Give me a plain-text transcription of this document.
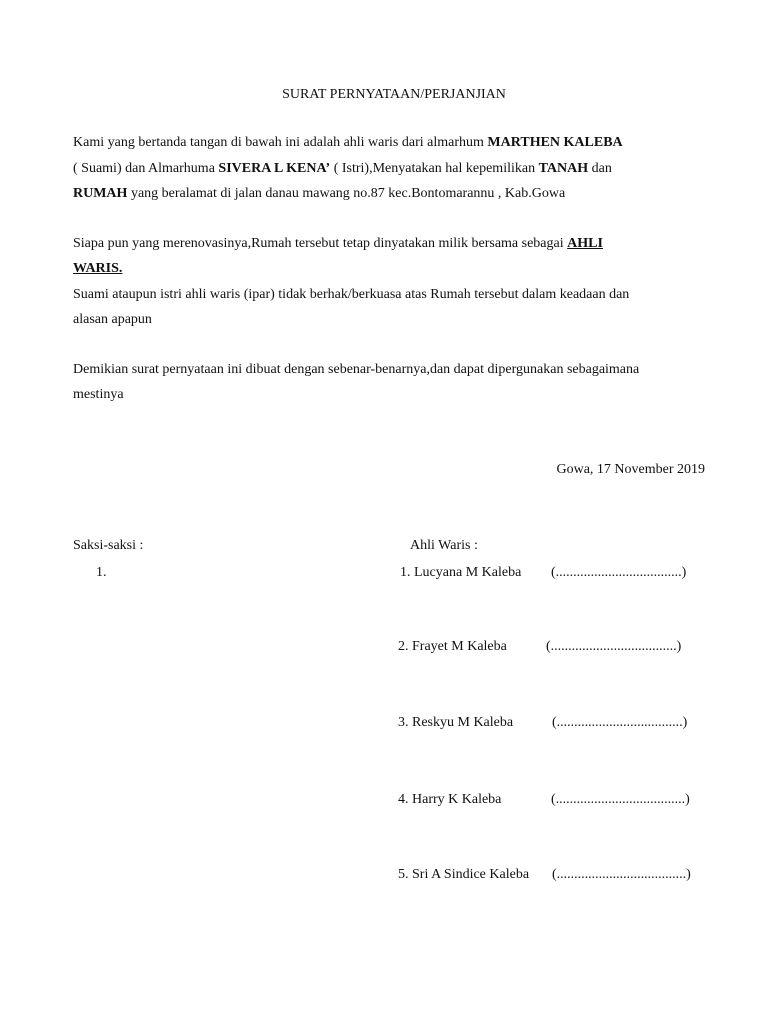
SURAT PERNYATAAN/PERJANJIAN
Kami yang bertanda tangan di bawah ini adalah ahli waris dari almarhum MARTHEN KALEBA
( Suami) dan Almarhuma SIVERA L KENA’ ( Istri),Menyatakan hal kepemilikan TANAH dan
RUMAH yang beralamat di jalan danau mawang no.87 kec.Bontomarannu , Kab.Gowa
Siapa pun yang merenovasinya,Rumah tersebut tetap dinyatakan milik bersama sebagai AHLI
WARIS.
Suami ataupun istri ahli waris (ipar) tidak berhak/berkuasa atas Rumah tersebut dalam keadaan dan
alasan apapun
Demikian surat pernyataan ini dibuat dengan sebenar-benarnya,dan dapat dipergunakan sebagaimana
mestinya
Gowa, 17 November 2019
Saksi-saksi :
1.
Ahli Waris :
1. Lucyana M Kaleba (....................................)
2. Frayet M Kaleba	(....................................)
3. Reskyu M Kaleba	(....................................)
4. Harry K Kaleba	(.....................................)
5. Sri A Sindice Kaleba (.....................................)
